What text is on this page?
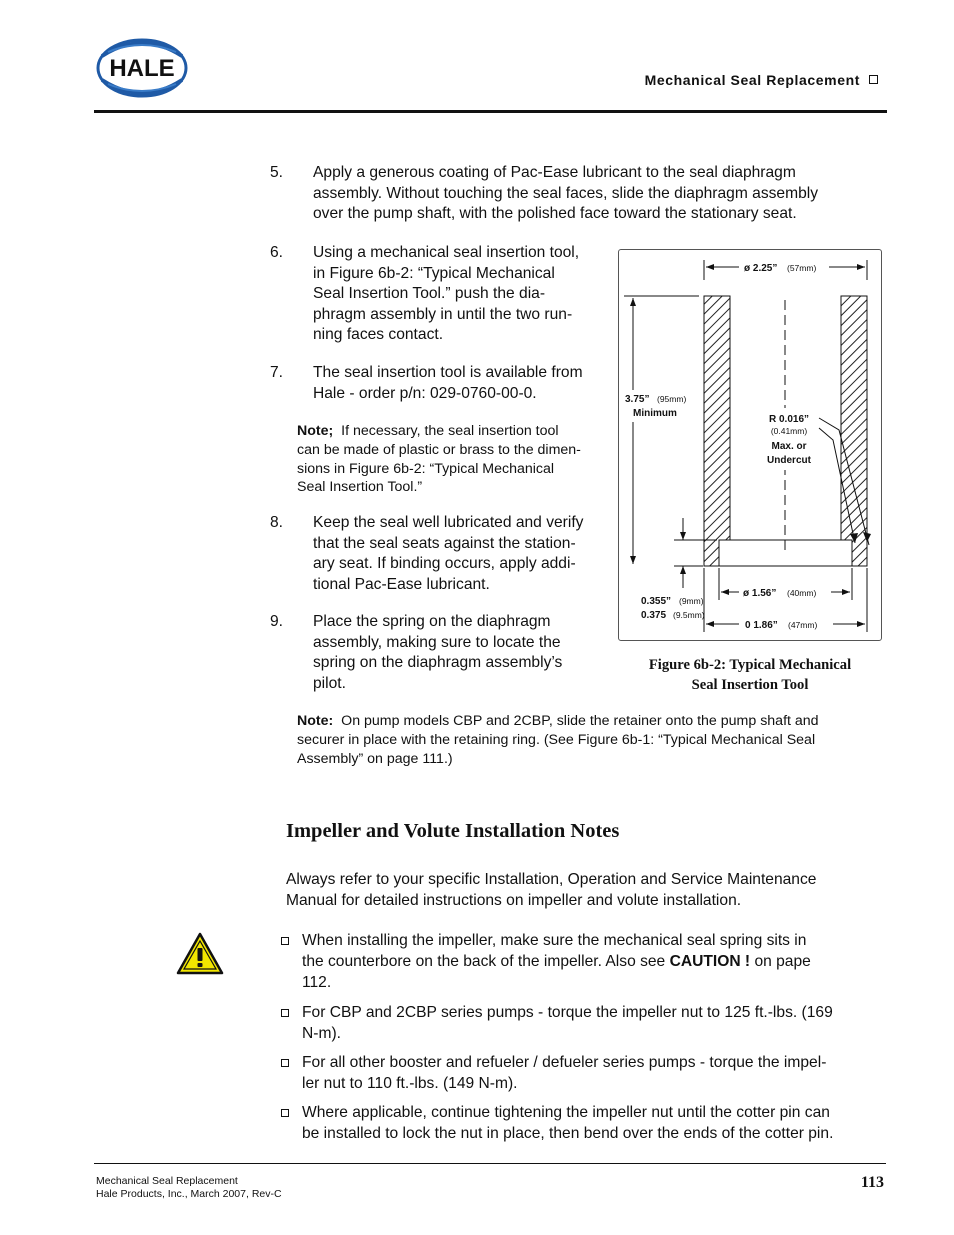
HALE	Mechanical Seal Replacement
5. Apply a generous coating of Pac-Ease lubricant to the seal diaphragm
assembly. Without touching the seal faces, slide the diaphragm assembly
over the pump shaft, with the polished face toward the stationary seat.
6. Using a mechanical seal insertion tool,
in Figure 6b-2: “Typical Mechanical
Seal Insertion Tool.” push the dia-
phragm assembly in until the two run-
ning faces contact.
7. The seal insertion tool is available from
Hale - order p/n: 029-0760-00-0.
Note; If necessary, the seal insertion tool
can be made of plastic or brass to the dimen-
sions in Figure 6b-2: “Typical Mechanical
Seal Insertion Tool.”
8. Keep the seal well lubricated and verify
that the seal seats against the station-
ary seat. If binding occurs, apply addi-
tional Pac-Ease lubricant.
9. Place the spring on the diaphragm
assembly, making sure to locate the
spring on the diaphragm assembly’s
pilot.
ø 2.25” (57mm)
3.75” (95mm)
Minimum
R 0.016”
(0.41mm)
Max. or
Undercut
0.355” (9mm)
0.375 (9.5mm)
ø 1.56” (40mm)
0 1.86” (47mm)
Figure 6b-2: Typical Mechanical
Seal Insertion Tool
Note: On pump models CBP and 2CBP, slide the retainer onto the pump shaft and
securer in place with the retaining ring. (See Figure 6b-1: “Typical Mechanical Seal
Assembly” on page 111.)
Impeller and Volute Installation Notes
Always refer to your specific Installation, Operation and Service Maintenance
Manual for detailed instructions on impeller and volute installation.
When installing the impeller, make sure the mechanical seal spring sits in
the counterbore on the back of the impeller. Also see CAUTION ! on pape
112.
For CBP and 2CBP series pumps - torque the impeller nut to 125 ft.-lbs. (169
N-m).
For all other booster and refueler / defueler series pumps - torque the impel-
ler nut to 110 ft.-lbs. (149 N-m).
Where applicable, continue tightening the impeller nut until the cotter pin can
be installed to lock the nut in place, then bend over the ends of the cotter pin.
Mechanical Seal Replacement
Hale Products, Inc., March 2007, Rev-C
113
